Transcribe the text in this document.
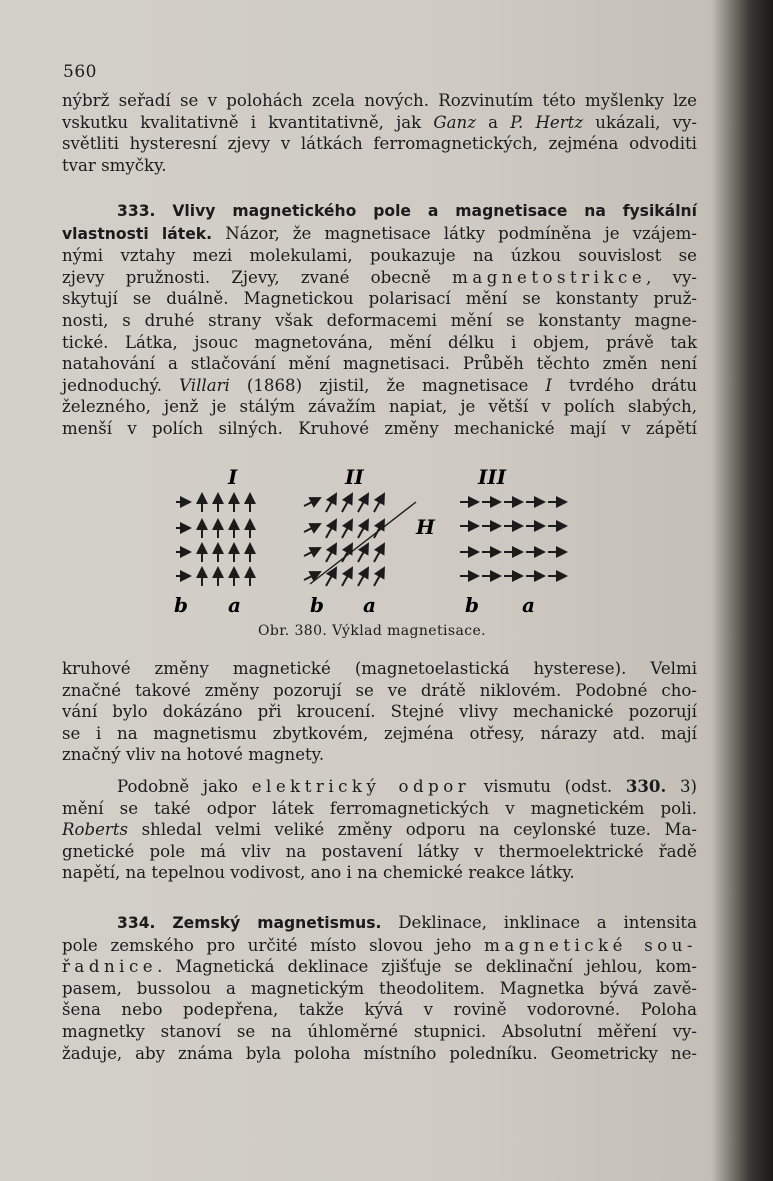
560
nýbrž seřadí se v polohách zcela nových. Rozvinutím této myšlenky lze
vskutku kvalitativně i kvantitativně, jak Ganz a P. Hertz ukázali, vy-
světliti hysteresní zjevy v látkách ferromagnetických, zejména odvoditi
tvar smyčky.
333. Vlivy magnetického pole a magnetisace na fysikální
vlastnosti látek. Názor, že magnetisace látky podmíněna je vzájem-
nými vztahy mezi molekulami, poukazuje na úzkou souvislost se
zjevy pružnosti. Zjevy, zvané obecně magnetostrikce, vy-
skytují se duálně. Magnetickou polarisací mění se konstanty pruž-
nosti, s druhé strany však deformacemi mění se konstanty magne-
tické. Látka, jsouc magnetována, mění délku i objem, právě tak
natahování a stlačování mění magnetisaci. Průběh těchto změn není
jednoduchý. Villari (1868) zjistil, že magnetisace I tvrdého drátu
železného, jenž je stálým závažím napiat, je větší v polích slabých,
menší v polích silných. Kruhové změny mechanické mají v zápětí
I	II	III
H
b a	b a	b a
Obr. 380. Výklad magnetisace.
kruhové změny magnetické (magnetoelastická hysterese). Velmi
značné takové změny pozorují se ve drátě niklovém. Podobné cho-
vání bylo dokázáno při kroucení. Stejné vlivy mechanické pozorují
se i na magnetismu zbytkovém, zejména otřesy, nárazy atd. mají
značný vliv na hotové magnety.
Podobně jako elektrický odpor vismutu (odst. 330. 3)
mění se také odpor látek ferromagnetických v magnetickém poli.
Roberts shledal velmi veliké změny odporu na ceylonské tuze. Ma-
gnetické pole má vliv na postavení látky v thermoelektrické řadě
napětí, na tepelnou vodivost, ano i na chemické reakce látky.
334. Zemský magnetismus. Deklinace, inklinace a intensita
pole zemského pro určité místo slovou jeho magnetické sou-
řadnice. Magnetická deklinace zjišťuje se deklinační jehlou, kom-
pasem, bussolou a magnetickým theodolitem. Magnetka bývá zavě-
šena nebo podepřena, takže kývá v rovině vodorovné. Poloha
magnetky stanoví se na úhloměrné stupnici. Absolutní měření vy-
žaduje, aby známa byla poloha místního poledníku. Geometricky ne-
